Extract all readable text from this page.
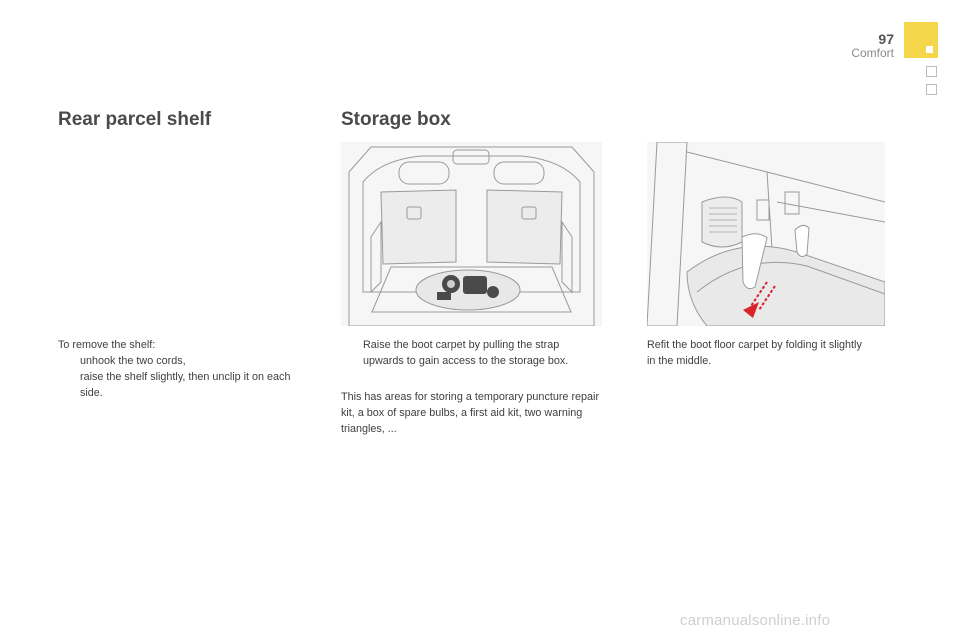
97
Comfort
Rear parcel shelf
To remove the shelf:
unhook the two cords,
raise the shelf slightly, then unclip it on each side.
Storage box
Raise the boot carpet by pulling the strap upwards to gain access to the storage box.
This has areas for storing a temporary puncture repair kit, a box of spare bulbs, a first aid kit, two warning triangles, ...
Refit the boot floor carpet by folding it slightly in the middle.
carmanualsonline.info
